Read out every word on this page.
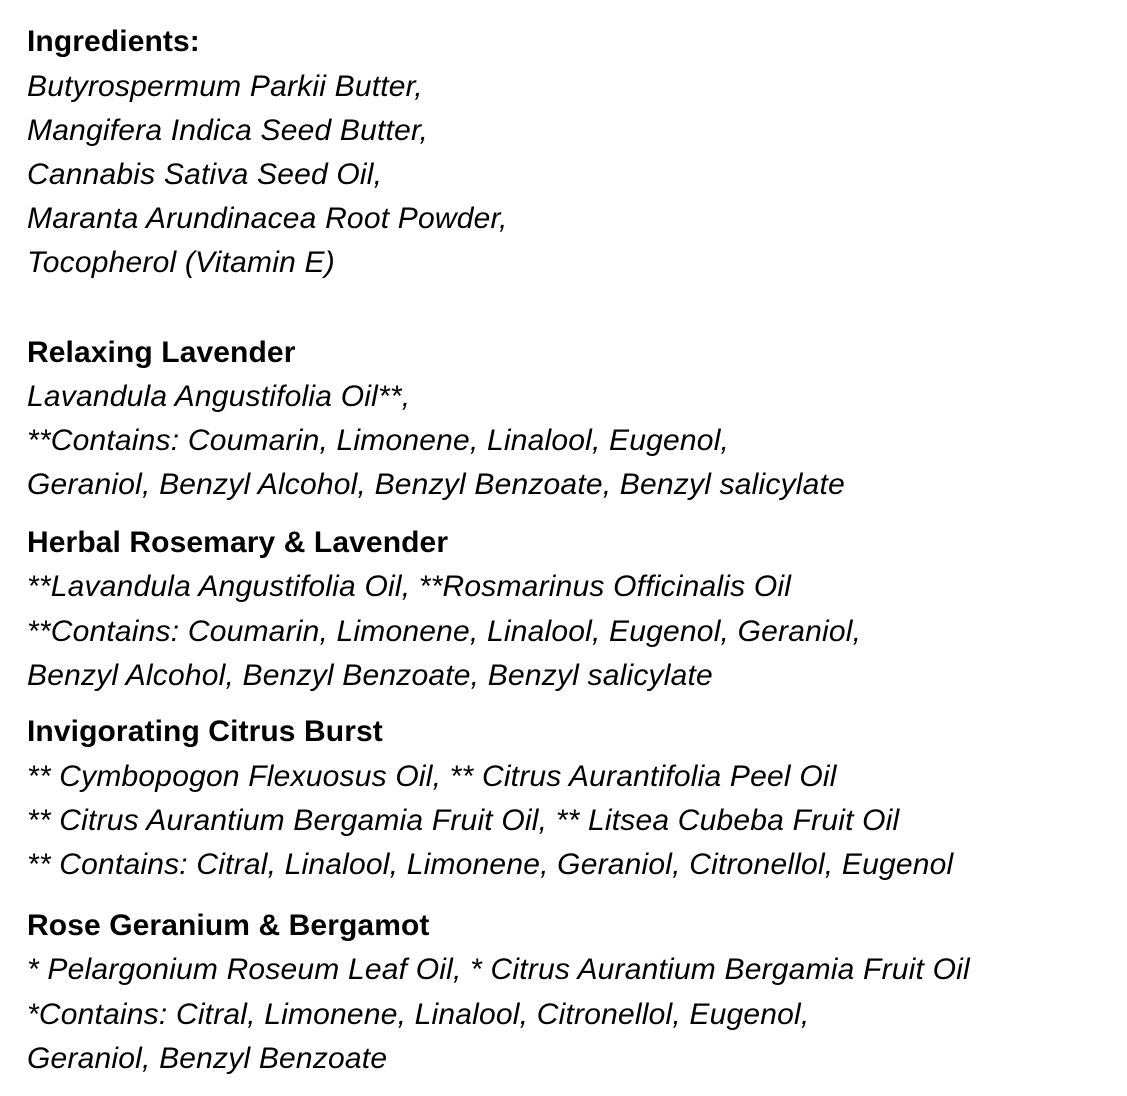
Ingredients:
Butyrospermum Parkii Butter,
Mangifera Indica Seed Butter,
Cannabis Sativa Seed Oil,
Maranta Arundinacea Root Powder,
Tocopherol (Vitamin E)
Relaxing Lavender
Lavandula Angustifolia Oil**,
**Contains: Coumarin, Limonene, Linalool, Eugenol,
Geraniol, Benzyl Alcohol, Benzyl Benzoate, Benzyl salicylate
Herbal Rosemary & Lavender
**Lavandula Angustifolia Oil, **Rosmarinus Officinalis Oil
**Contains: Coumarin, Limonene, Linalool, Eugenol, Geraniol,
Benzyl Alcohol, Benzyl Benzoate, Benzyl salicylate
Invigorating Citrus Burst
** Cymbopogon Flexuosus Oil, ** Citrus Aurantifolia Peel Oil
** Citrus Aurantium Bergamia Fruit Oil, ** Litsea Cubeba Fruit Oil
** Contains: Citral, Linalool, Limonene, Geraniol, Citronellol, Eugenol
Rose Geranium & Bergamot
* Pelargonium Roseum Leaf Oil, * Citrus Aurantium Bergamia Fruit Oil
*Contains: Citral, Limonene, Linalool, Citronellol, Eugenol,
Geraniol, Benzyl Benzoate
